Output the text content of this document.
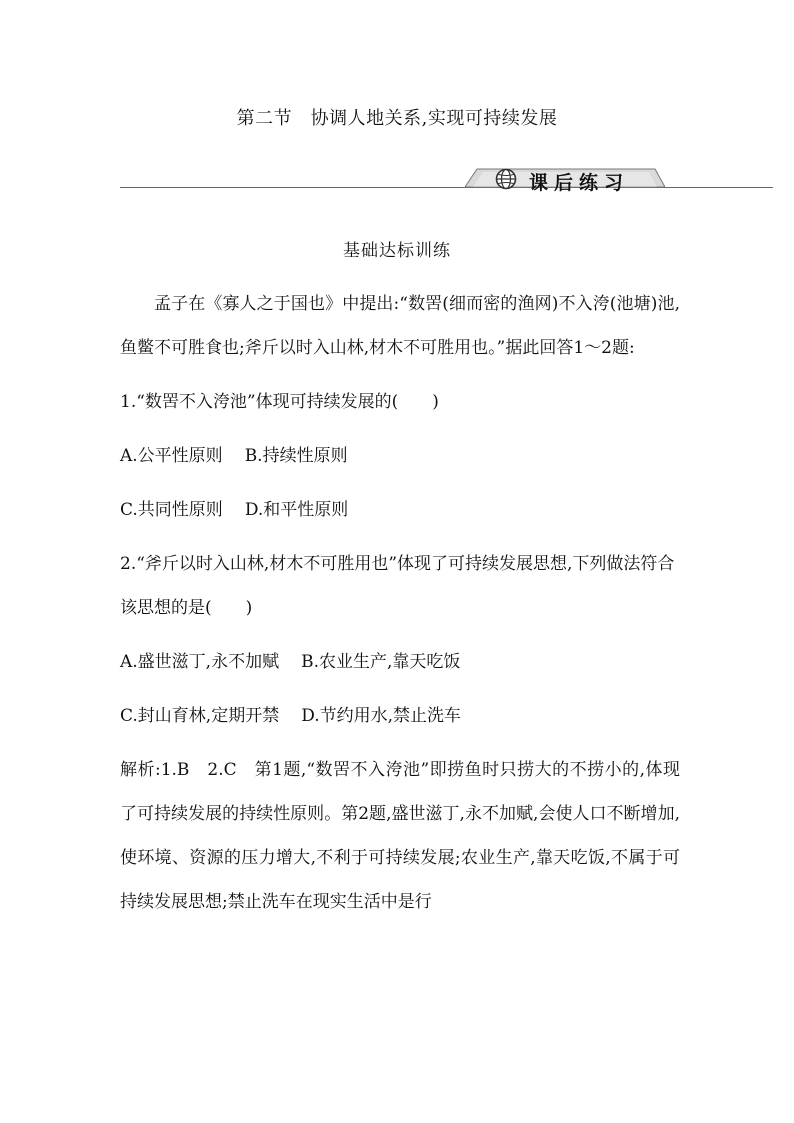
第二节　协调人地关系,实现可持续发展
课后练习
基础达标训练

孟子在《寡人之于国也》中提出:“数罟(细而密的渔网)不入洿(池塘)池,鱼鳖不可胜食也;斧斤以时入山林,材木不可胜用也。”据此回答1～2题:

1.“数罟不入洿池”体现可持续发展的(　　)

A.公平性原则 B.持续性原则
C.共同性原则 D.和平性原则

2.“斧斤以时入山林,材木不可胜用也”体现了可持续发展思想,下列做法符合该思想的是(　　)

A.盛世滋丁,永不加赋 B.农业生产,靠天吃饭
C.封山育林,定期开禁 D.节约用水,禁止洗车

解析:1.B　2.C　第1题,“数罟不入洿池”即捞鱼时只捞大的不捞小的,体现了可持续发展的持续性原则。第2题,盛世滋丁,永不加赋,会使人口不断增加,使环境、资源的压力增大,不利于可持续发展;农业生产,靠天吃饭,不属于可持续发展思想;禁止洗车在现实生活中是行
